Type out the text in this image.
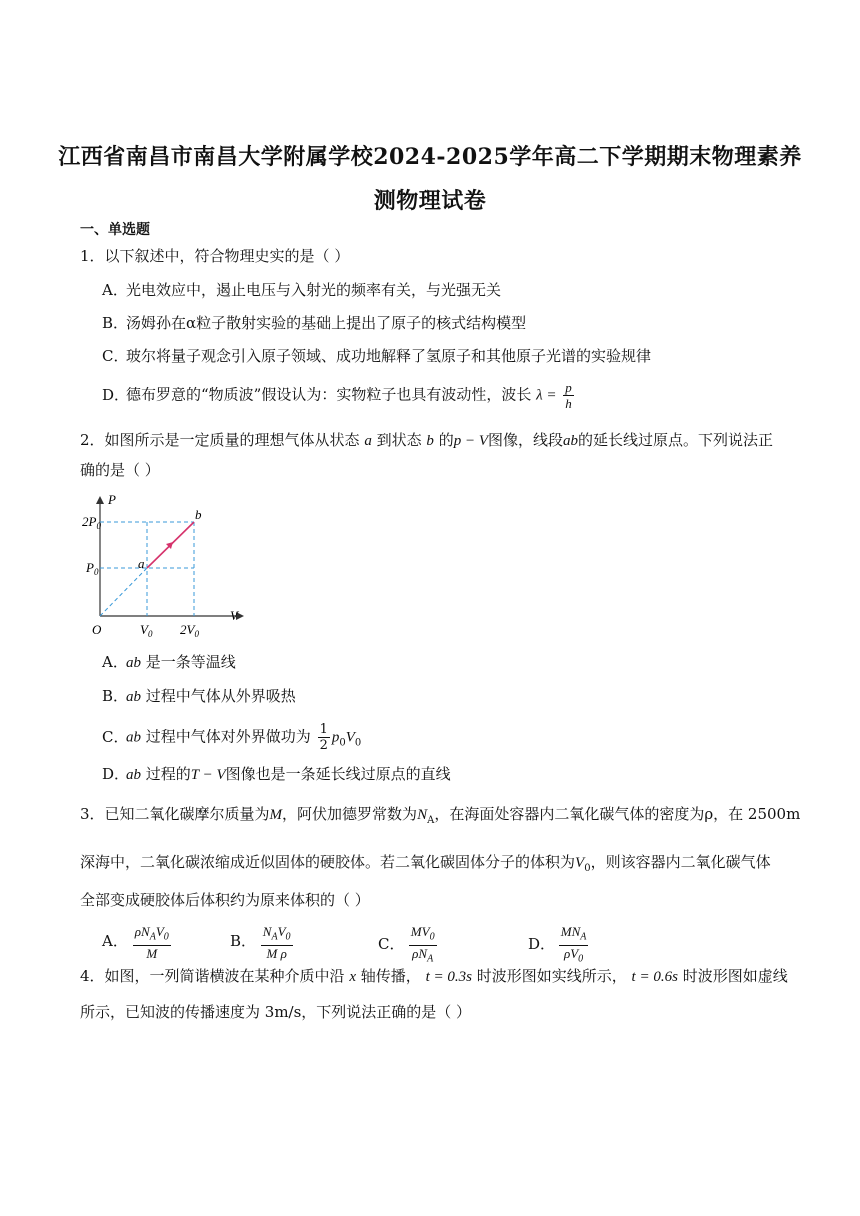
江西省南昌市南昌大学附属学校2024-2025学年高二下学期期末物理素养
测物理试卷
一、单选题
1．以下叙述中，符合物理史实的是（ ）
A．光电效应中，遏止电压与入射光的频率有关，与光强无关
B．汤姆孙在α粒子散射实验的基础上提出了原子的核式结构模型
C．玻尔将量子观念引入原子领域、成功地解释了氢原子和其他原子光谱的实验规律
D．德布罗意的“物质波”假设认为：实物粒子也具有波动性，波长 $\lambda = \frac{p}{h}$
2．如图所示是一定质量的理想气体从状态 a 到状态 b 的p − V图像，线段ab的延长线过原点。下列说法正
确的是（ ）
P
V
O
$2P_0$
$P_0$
$V_0$ $2V_0$
a
b
A．ab 是一条等温线
B．ab 过程中气体从外界吸热
C．ab 过程中气体对外界做功为 $\frac{1}{2} p_0V_0$
D．ab 过程的T − V图像也是一条延长线过原点的直线
3．已知二氧化碳摩尔质量为M，阿伏加德罗常数为$N_A$，在海面处容器内二氧化碳气体的密度为ρ，在 2500m
深海中，二氧化碳浓缩成近似固体的硬胶体。若二氧化碳固体分子的体积为$V_0$，则该容器内二氧化碳气体
全部变成硬胶体后体积约为原来体积的（ ）
A． $\frac{\rho N_AV_0}{M}$	B． $\frac{N_AV_0}{\text{M ρ}}$	C． $\frac{MV_0}{\rho N_A}$	D． $\frac{MN_A}{\rho V_0}$
4．如图，一列简谐横波在某种介质中沿 x 轴传播， t = 0.3s 时波形图如实线所示， t = 0.6s 时波形图如虚线
所示，已知波的传播速度为 3m/s，下列说法正确的是（ ）
